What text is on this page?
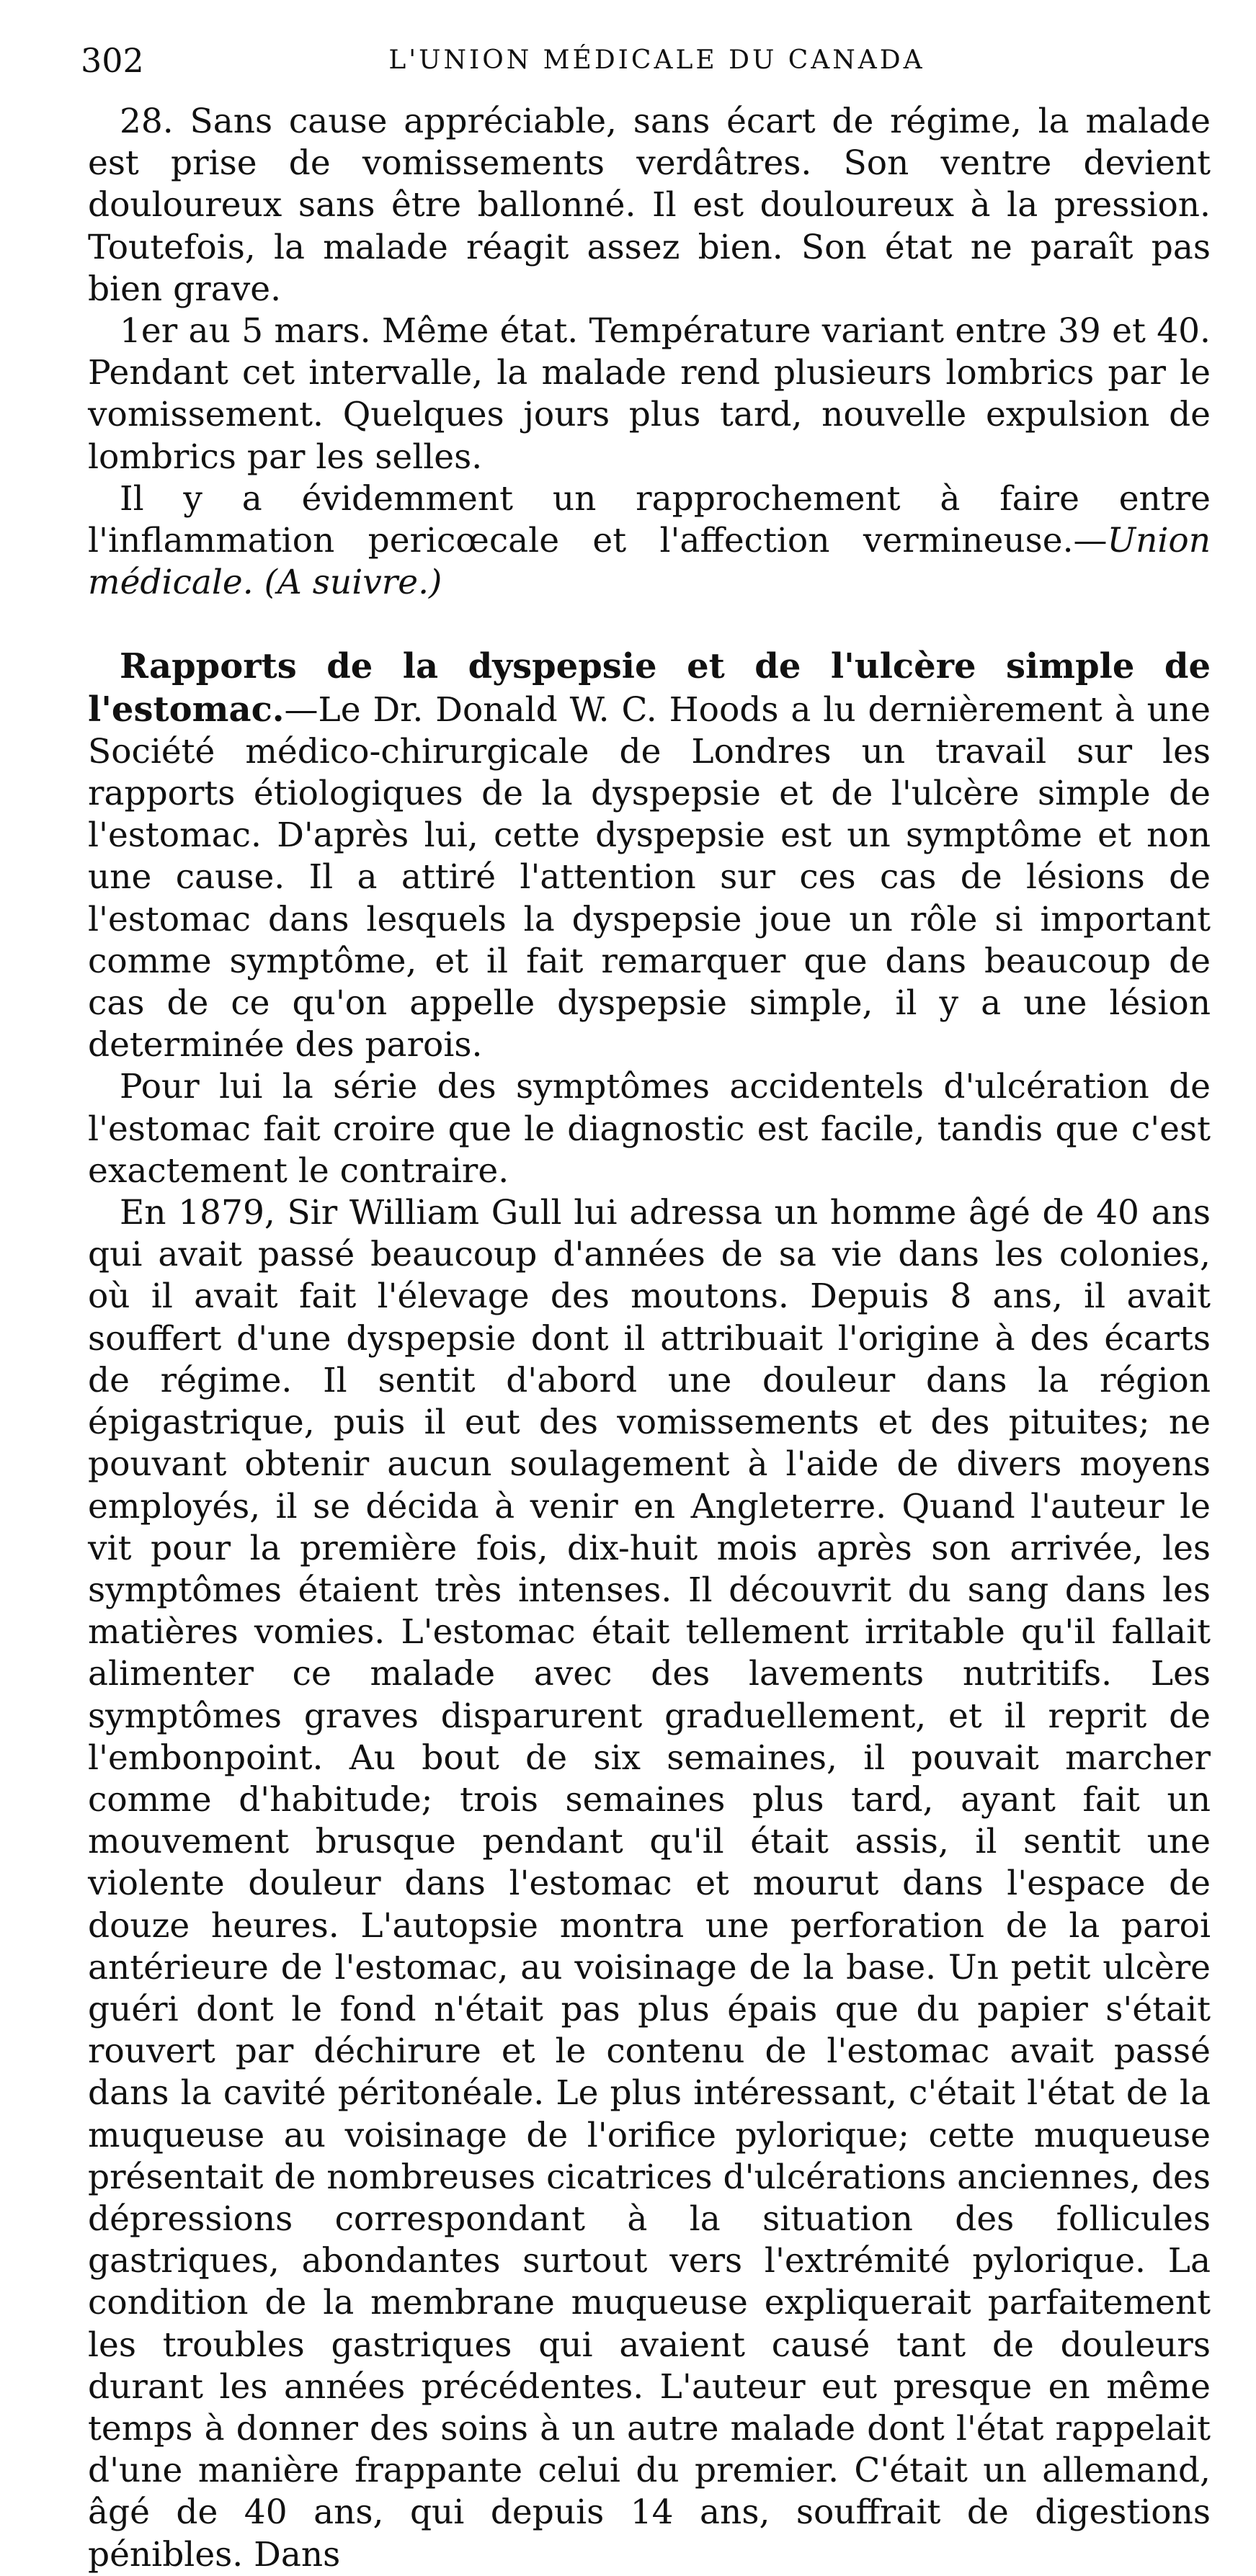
302	L'UNION MÉDICALE DU CANADA

28. Sans cause appréciable, sans écart de régime, la malade est prise de vomissements verdâtres. Son ventre devient douloureux sans être ballonné. Il est douloureux à la pression. Toutefois, la malade réagit assez bien. Son état ne paraît pas bien grave.

1er au 5 mars. Même état. Température variant entre 39 et 40. Pendant cet intervalle, la malade rend plusieurs lombrics par le vomissement. Quelques jours plus tard, nouvelle expulsion de lombrics par les selles.

Il y a évidemment un rapprochement à faire entre l'inflammation pericœcale et l'affection vermineuse.—Union médicale. (A suivre.)

Rapports de la dyspepsie et de l'ulcère simple de l'estomac.—Le Dr. Donald W. C. Hoods a lu dernièrement à une Société médico-chirurgicale de Londres un travail sur les rapports étiologiques de la dyspepsie et de l'ulcère simple de l'estomac. D'après lui, cette dyspepsie est un symptôme et non une cause. Il a attiré l'attention sur ces cas de lésions de l'estomac dans lesquels la dyspepsie joue un rôle si important comme symptôme, et il fait remarquer que dans beaucoup de cas de ce qu'on appelle dyspepsie simple, il y a une lésion determinée des parois.

Pour lui la série des symptômes accidentels d'ulcération de l'estomac fait croire que le diagnostic est facile, tandis que c'est exactement le contraire.

En 1879, Sir William Gull lui adressa un homme âgé de 40 ans qui avait passé beaucoup d'années de sa vie dans les colonies, où il avait fait l'élevage des moutons. Depuis 8 ans, il avait souffert d'une dyspepsie dont il attribuait l'origine à des écarts de régime. Il sentit d'abord une douleur dans la région épigastrique, puis il eut des vomissements et des pituites; ne pouvant obtenir aucun soulagement à l'aide de divers moyens employés, il se décida à venir en Angleterre. Quand l'auteur le vit pour la première fois, dix-huit mois après son arrivée, les symptômes étaient très intenses. Il découvrit du sang dans les matières vomies. L'estomac était tellement irritable qu'il fallait alimenter ce malade avec des lavements nutritifs. Les symptômes graves disparurent graduellement, et il reprit de l'embonpoint. Au bout de six semaines, il pouvait marcher comme d'habitude; trois semaines plus tard, ayant fait un mouvement brusque pendant qu'il était assis, il sentit une violente douleur dans l'estomac et mourut dans l'espace de douze heures. L'autopsie montra une perforation de la paroi antérieure de l'estomac, au voisinage de la base. Un petit ulcère guéri dont le fond n'était pas plus épais que du papier s'était rouvert par déchirure et le contenu de l'estomac avait passé dans la cavité péritonéale. Le plus intéressant, c'était l'état de la muqueuse au voisinage de l'orifice pylorique; cette muqueuse présentait de nombreuses cicatrices d'ulcérations anciennes, des dépressions correspondant à la situation des follicules gastriques, abondantes surtout vers l'extrémité pylorique. La condition de la membrane muqueuse expliquerait parfaitement les troubles gastriques qui avaient causé tant de douleurs durant les années précédentes. L'auteur eut presque en même temps à donner des soins à un autre malade dont l'état rappelait d'une manière frappante celui du premier. C'était un allemand, âgé de 40 ans, qui depuis 14 ans, souffrait de digestions pénibles. Dans
